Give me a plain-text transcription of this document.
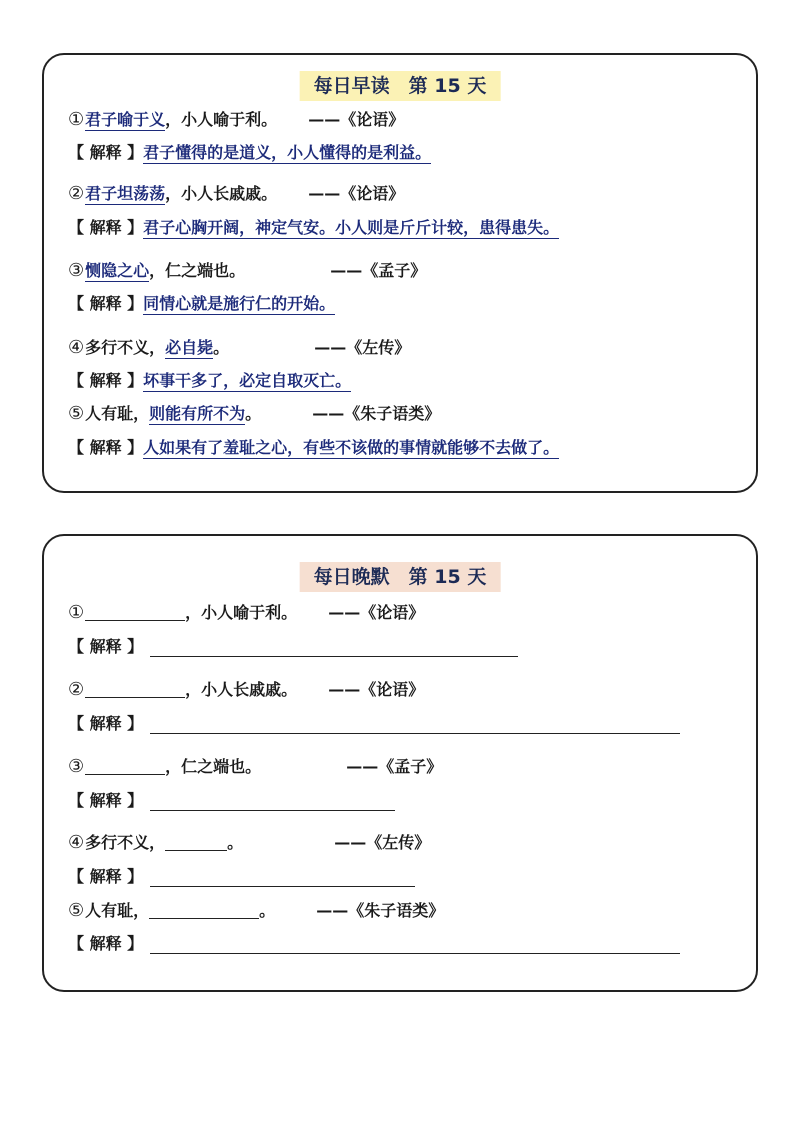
每日早读　第 15 天
①君子喻于义，小人喻于利。 ——《论语》
【 解释 】君子懂得的是道义，小人懂得的是利益。
②君子坦荡荡，小人长戚戚。 ——《论语》
【 解释 】君子心胸开阔，神定气安。小人则是斤斤计较，患得患失。
③恻隐之心，仁之端也。	——《孟子》
【 解释 】同情心就是施行仁的开始。
④多行不义，必自毙。	——《左传》
【 解释 】坏事干多了，必定自取灭亡。
⑤人有耻，则能有所不为。	——《朱子语类》
【 解释 】人如果有了羞耻之心，有些不该做的事情就能够不去做了。
每日晚默　第 15 天
①	，小人喻于利。 ——《论语》
【 解释 】
②	，小人长戚戚。 ——《论语》
【 解释 】
③	，仁之端也。	——《孟子》
【 解释 】
④多行不义，	。	——《左传》
【 解释 】
⑤人有耻，	。	——《朱子语类》
【 解释 】
